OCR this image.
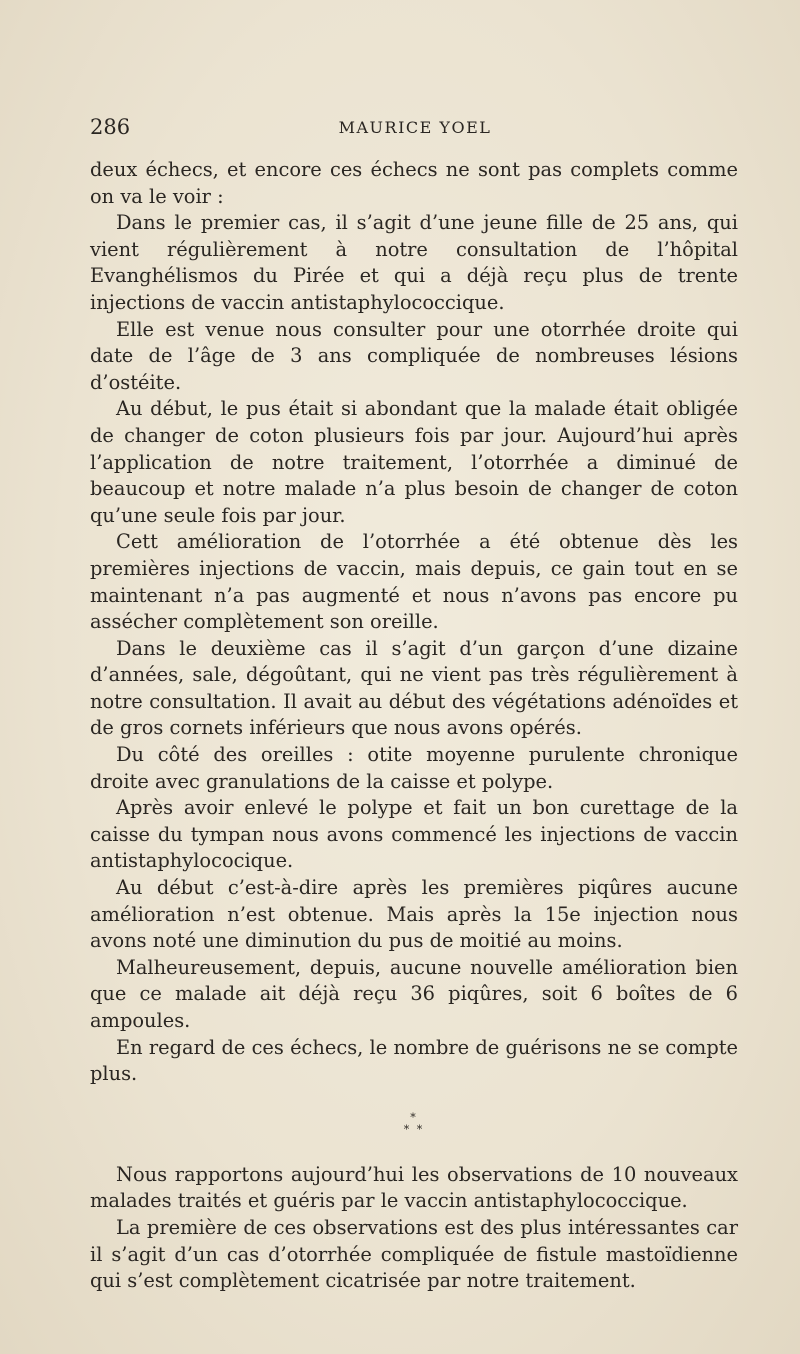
286	MAURICE YOEL

deux échecs, et encore ces échecs ne sont pas complets comme on va le voir :

Dans le premier cas, il s’agit d’une jeune fille de 25 ans, qui vient régulièrement à notre consultation de l’hôpital Evanghélismos du Pirée et qui a déjà reçu plus de trente injections de vaccin antistaphylococcique.

Elle est venue nous consulter pour une otorrhée droite qui date de l’âge de 3 ans compliquée de nombreuses lésions d’ostéite.

Au début, le pus était si abondant que la malade était obligée de changer de coton plusieurs fois par jour. Aujourd’hui après l’application de notre traitement, l’otorrhée a diminué de beaucoup et notre malade n’a plus besoin de changer de coton qu’une seule fois par jour.

Cett amélioration de l’otorrhée a été obtenue dès les premières injections de vaccin, mais depuis, ce gain tout en se maintenant n’a pas augmenté et nous n’avons pas encore pu assécher complètement son oreille.

Dans le deuxième cas il s’agit d’un garçon d’une dizaine d’années, sale, dégoûtant, qui ne vient pas très régulièrement à notre consultation. Il avait au début des végétations adénoïdes et de gros cornets inférieurs que nous avons opérés.

Du côté des oreilles : otite moyenne purulente chronique droite avec granulations de la caisse et polype.

Après avoir enlevé le polype et fait un bon curettage de la caisse du tympan nous avons commencé les injections de vaccin antistaphylococique.

Au début c’est-à-dire après les premières piqûres aucune amélioration n’est obtenue. Mais après la 15e injection nous avons noté une diminution du pus de moitié au moins.

Malheureusement, depuis, aucune nouvelle amélioration bien que ce malade ait déjà reçu 36 piqûres, soit 6 boîtes de 6 ampoules.

En regard de ces échecs, le nombre de guérisons ne se compte plus.

*
* *

Nous rapportons aujourd’hui les observations de 10 nouveaux malades traités et guéris par le vaccin antistaphylococcique.

La première de ces observations est des plus intéressantes car il s’agit d’un cas d’otorrhée compliquée de fistule mastoïdienne qui s’est complètement cicatrisée par notre traitement.
